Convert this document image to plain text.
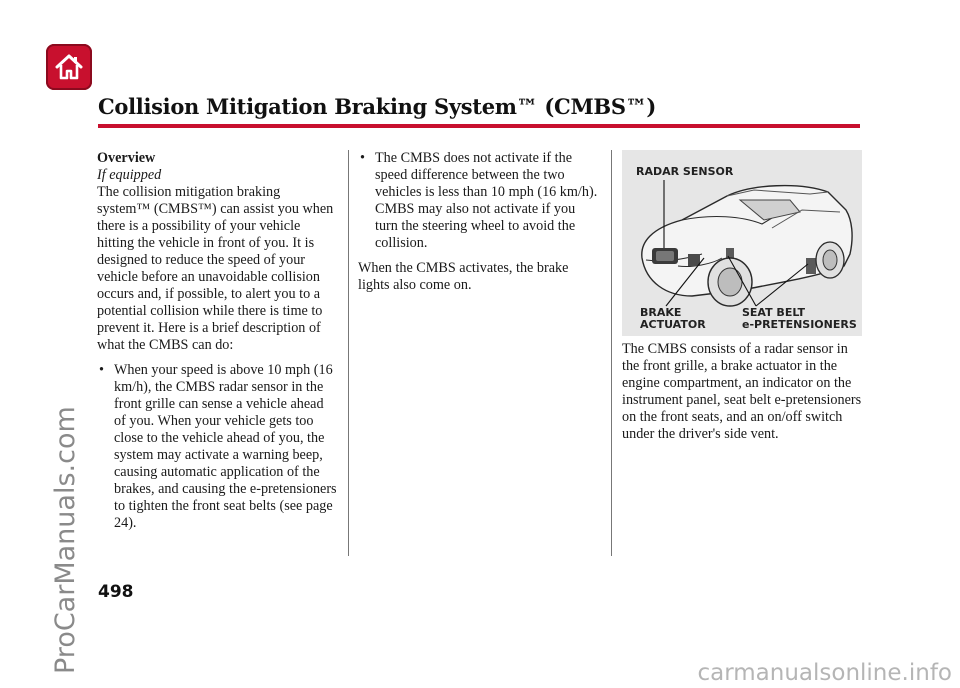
Collision Mitigation Braking System™ (CMBS™)

Overview

If equipped

The collision mitigation braking system™ (CMBS™) can assist you when there is a possibility of your vehicle hitting the vehicle in front of you. It is designed to reduce the speed of your vehicle before an unavoidable collision occurs and, if possible, to alert you to a potential collision while there is time to prevent it. Here is a brief description of what the CMBS can do:

• When your speed is above 10 mph (16 km/h), the CMBS radar sensor in the front grille can sense a vehicle ahead of you. When your vehicle gets too close to the vehicle ahead of you, the system may activate a warning beep, causing automatic application of the brakes, and causing the e-pretensioners to tighten the front seat belts (see page 24).
• The CMBS does not activate if the speed difference between the two vehicles is less than 10 mph (16 km/h). CMBS may also not activate if you turn the steering wheel to avoid the collision.

When the CMBS activates, the brake lights also come on.

RADAR SENSOR
BRAKE
ACTUATOR
SEAT BELT
e-PRETENSIONERS

The CMBS consists of a radar sensor in the front grille, a brake actuator in the engine compartment, an indicator on the instrument panel, seat belt e-pretensioners on the front seats, and an on/off switch under the driver's side vent.

498
ProCarManuals.com	carmanualsonline.info
